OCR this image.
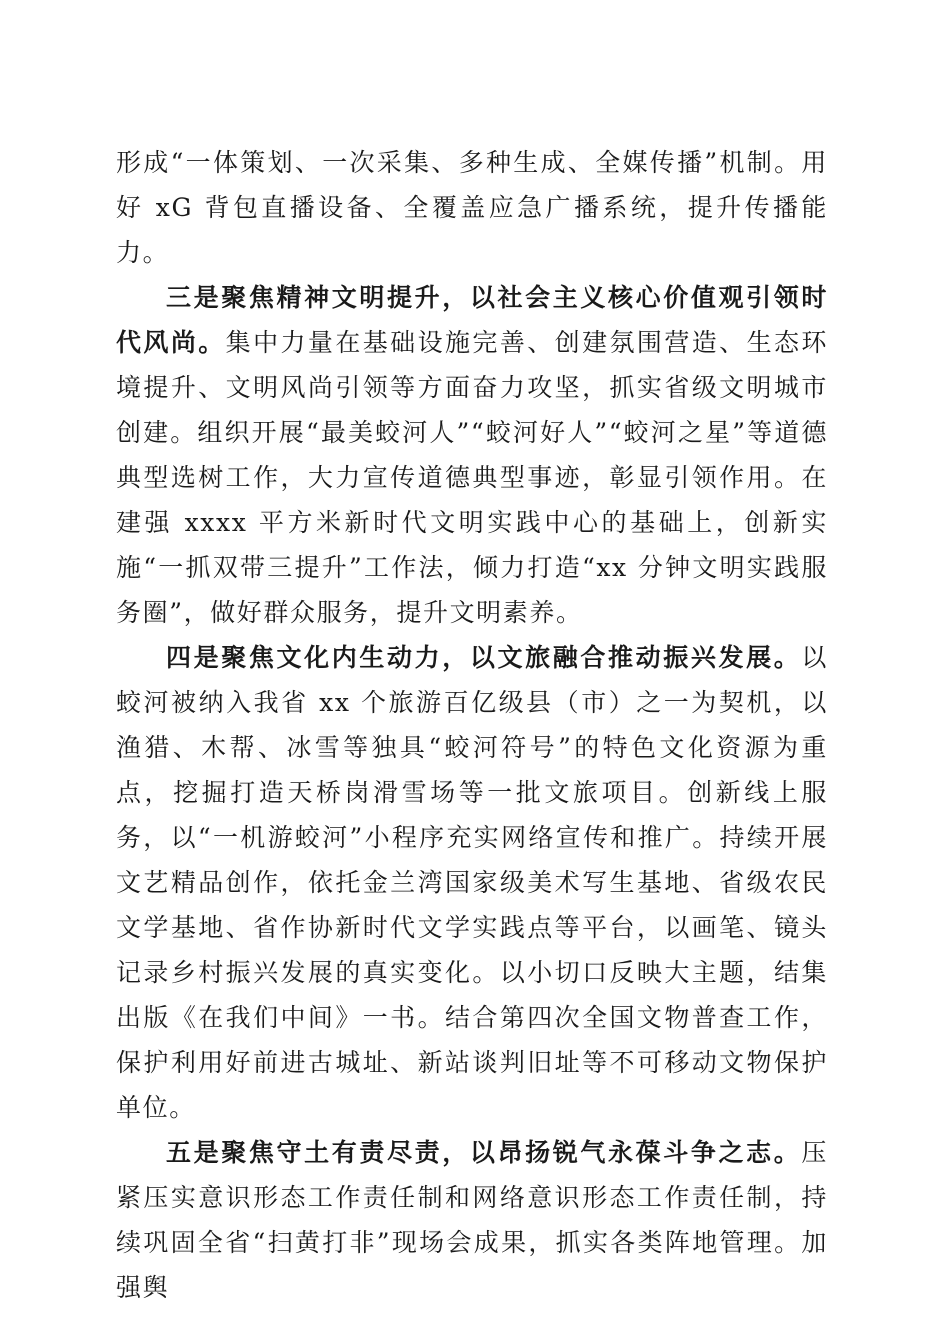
形成“一体策划、一次采集、多种生成、全媒传播”机制。用好 xG 背包直播设备、全覆盖应急广播系统，提升传播能力。

三是聚焦精神文明提升，以社会主义核心价值观引领时代风尚。集中力量在基础设施完善、创建氛围营造、生态环境提升、文明风尚引领等方面奋力攻坚，抓实省级文明城市创建。组织开展“最美蛟河人”“蛟河好人”“蛟河之星”等道德典型选树工作，大力宣传道德典型事迹，彰显引领作用。在建强 xxxx 平方米新时代文明实践中心的基础上，创新实施“一抓双带三提升”工作法，倾力打造“xx 分钟文明实践服务圈”，做好群众服务，提升文明素养。

四是聚焦文化内生动力，以文旅融合推动振兴发展。以蛟河被纳入我省 xx 个旅游百亿级县（市）之一为契机，以渔猎、木帮、冰雪等独具“蛟河符号”的特色文化资源为重点，挖掘打造天桥岗滑雪场等一批文旅项目。创新线上服务，以“一机游蛟河”小程序充实网络宣传和推广。持续开展文艺精品创作，依托金兰湾国家级美术写生基地、省级农民文学基地、省作协新时代文学实践点等平台，以画笔、镜头记录乡村振兴发展的真实变化。以小切口反映大主题，结集出版《在我们中间》一书。结合第四次全国文物普查工作，保护利用好前进古城址、新站谈判旧址等不可移动文物保护单位。

五是聚焦守土有责尽责，以昂扬锐气永葆斗争之志。压紧压实意识形态工作责任制和网络意识形态工作责任制，持续巩固全省“扫黄打非”现场会成果，抓实各类阵地管理。加强舆
